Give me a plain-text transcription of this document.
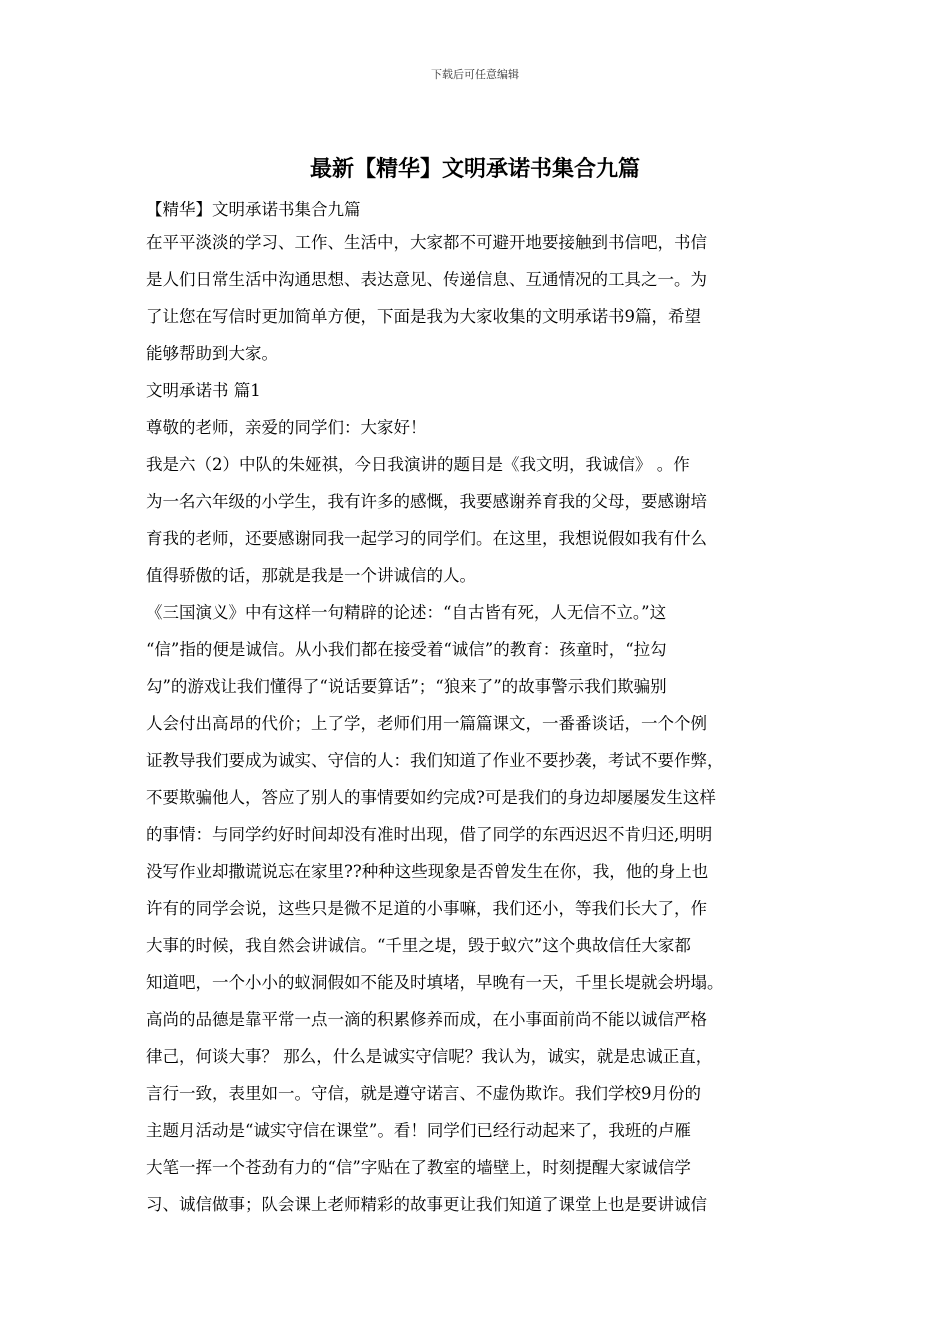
下载后可任意编辑
最新【精华】文明承诺书集合九篇
【精华】文明承诺书集合九篇
在平平淡淡的学习、工作、生活中，大家都不可避开地要接触到书信吧，书信
是人们日常生活中沟通思想、表达意见、传递信息、互通情况的工具之一。为
了让您在写信时更加简单方便，下面是我为大家收集的文明承诺书9篇，希望
能够帮助到大家。
文明承诺书 篇1
尊敬的老师，亲爱的同学们：大家好！
我是六（2）中队的朱娅祺，今日我演讲的题目是《我文明，我诚信》 。作
为一名六年级的小学生，我有许多的感慨，我要感谢养育我的父母，要感谢培
育我的老师，还要感谢同我一起学习的同学们。在这里，我想说假如我有什么
值得骄傲的话，那就是我是一个讲诚信的人。
《三国演义》中有这样一句精辟的论述：“自古皆有死，人无信不立。”这
“信”指的便是诚信。从小我们都在接受着“诚信”的教育：孩童时，“拉勾
勾”的游戏让我们懂得了“说话要算话”；“狼来了”的故事警示我们欺骗别
人会付出高昂的代价；上了学，老师们用一篇篇课文，一番番谈话，一个个例
证教导我们要成为诚实、守信的人：我们知道了作业不要抄袭，考试不要作弊，
不要欺骗他人，答应了别人的事情要如约完成?可是我们的身边却屡屡发生这样
的事情：与同学约好时间却没有准时出现，借了同学的东西迟迟不肯归还,明明
没写作业却撒谎说忘在家里??种种这些现象是否曾发生在你，我，他的身上也
许有的同学会说，这些只是微不足道的小事嘛，我们还小，等我们长大了，作
大事的时候，我自然会讲诚信。“千里之堤，毁于蚁穴”这个典故信任大家都
知道吧，一个小小的蚁洞假如不能及时填堵，早晚有一天，千里长堤就会坍塌。
高尚的品德是靠平常一点一滴的积累修养而成，在小事面前尚不能以诚信严格
律己，何谈大事？ 那么，什么是诚实守信呢？我认为，诚实，就是忠诚正直，
言行一致，表里如一。守信，就是遵守诺言、不虚伪欺诈。我们学校9月份的
主题月活动是“诚实守信在课堂”。看！同学们已经行动起来了，我班的卢雁
大笔一挥一个苍劲有力的“信”字贴在了教室的墙壁上，时刻提醒大家诚信学
习、诚信做事；队会课上老师精彩的故事更让我们知道了课堂上也是要讲诚信
